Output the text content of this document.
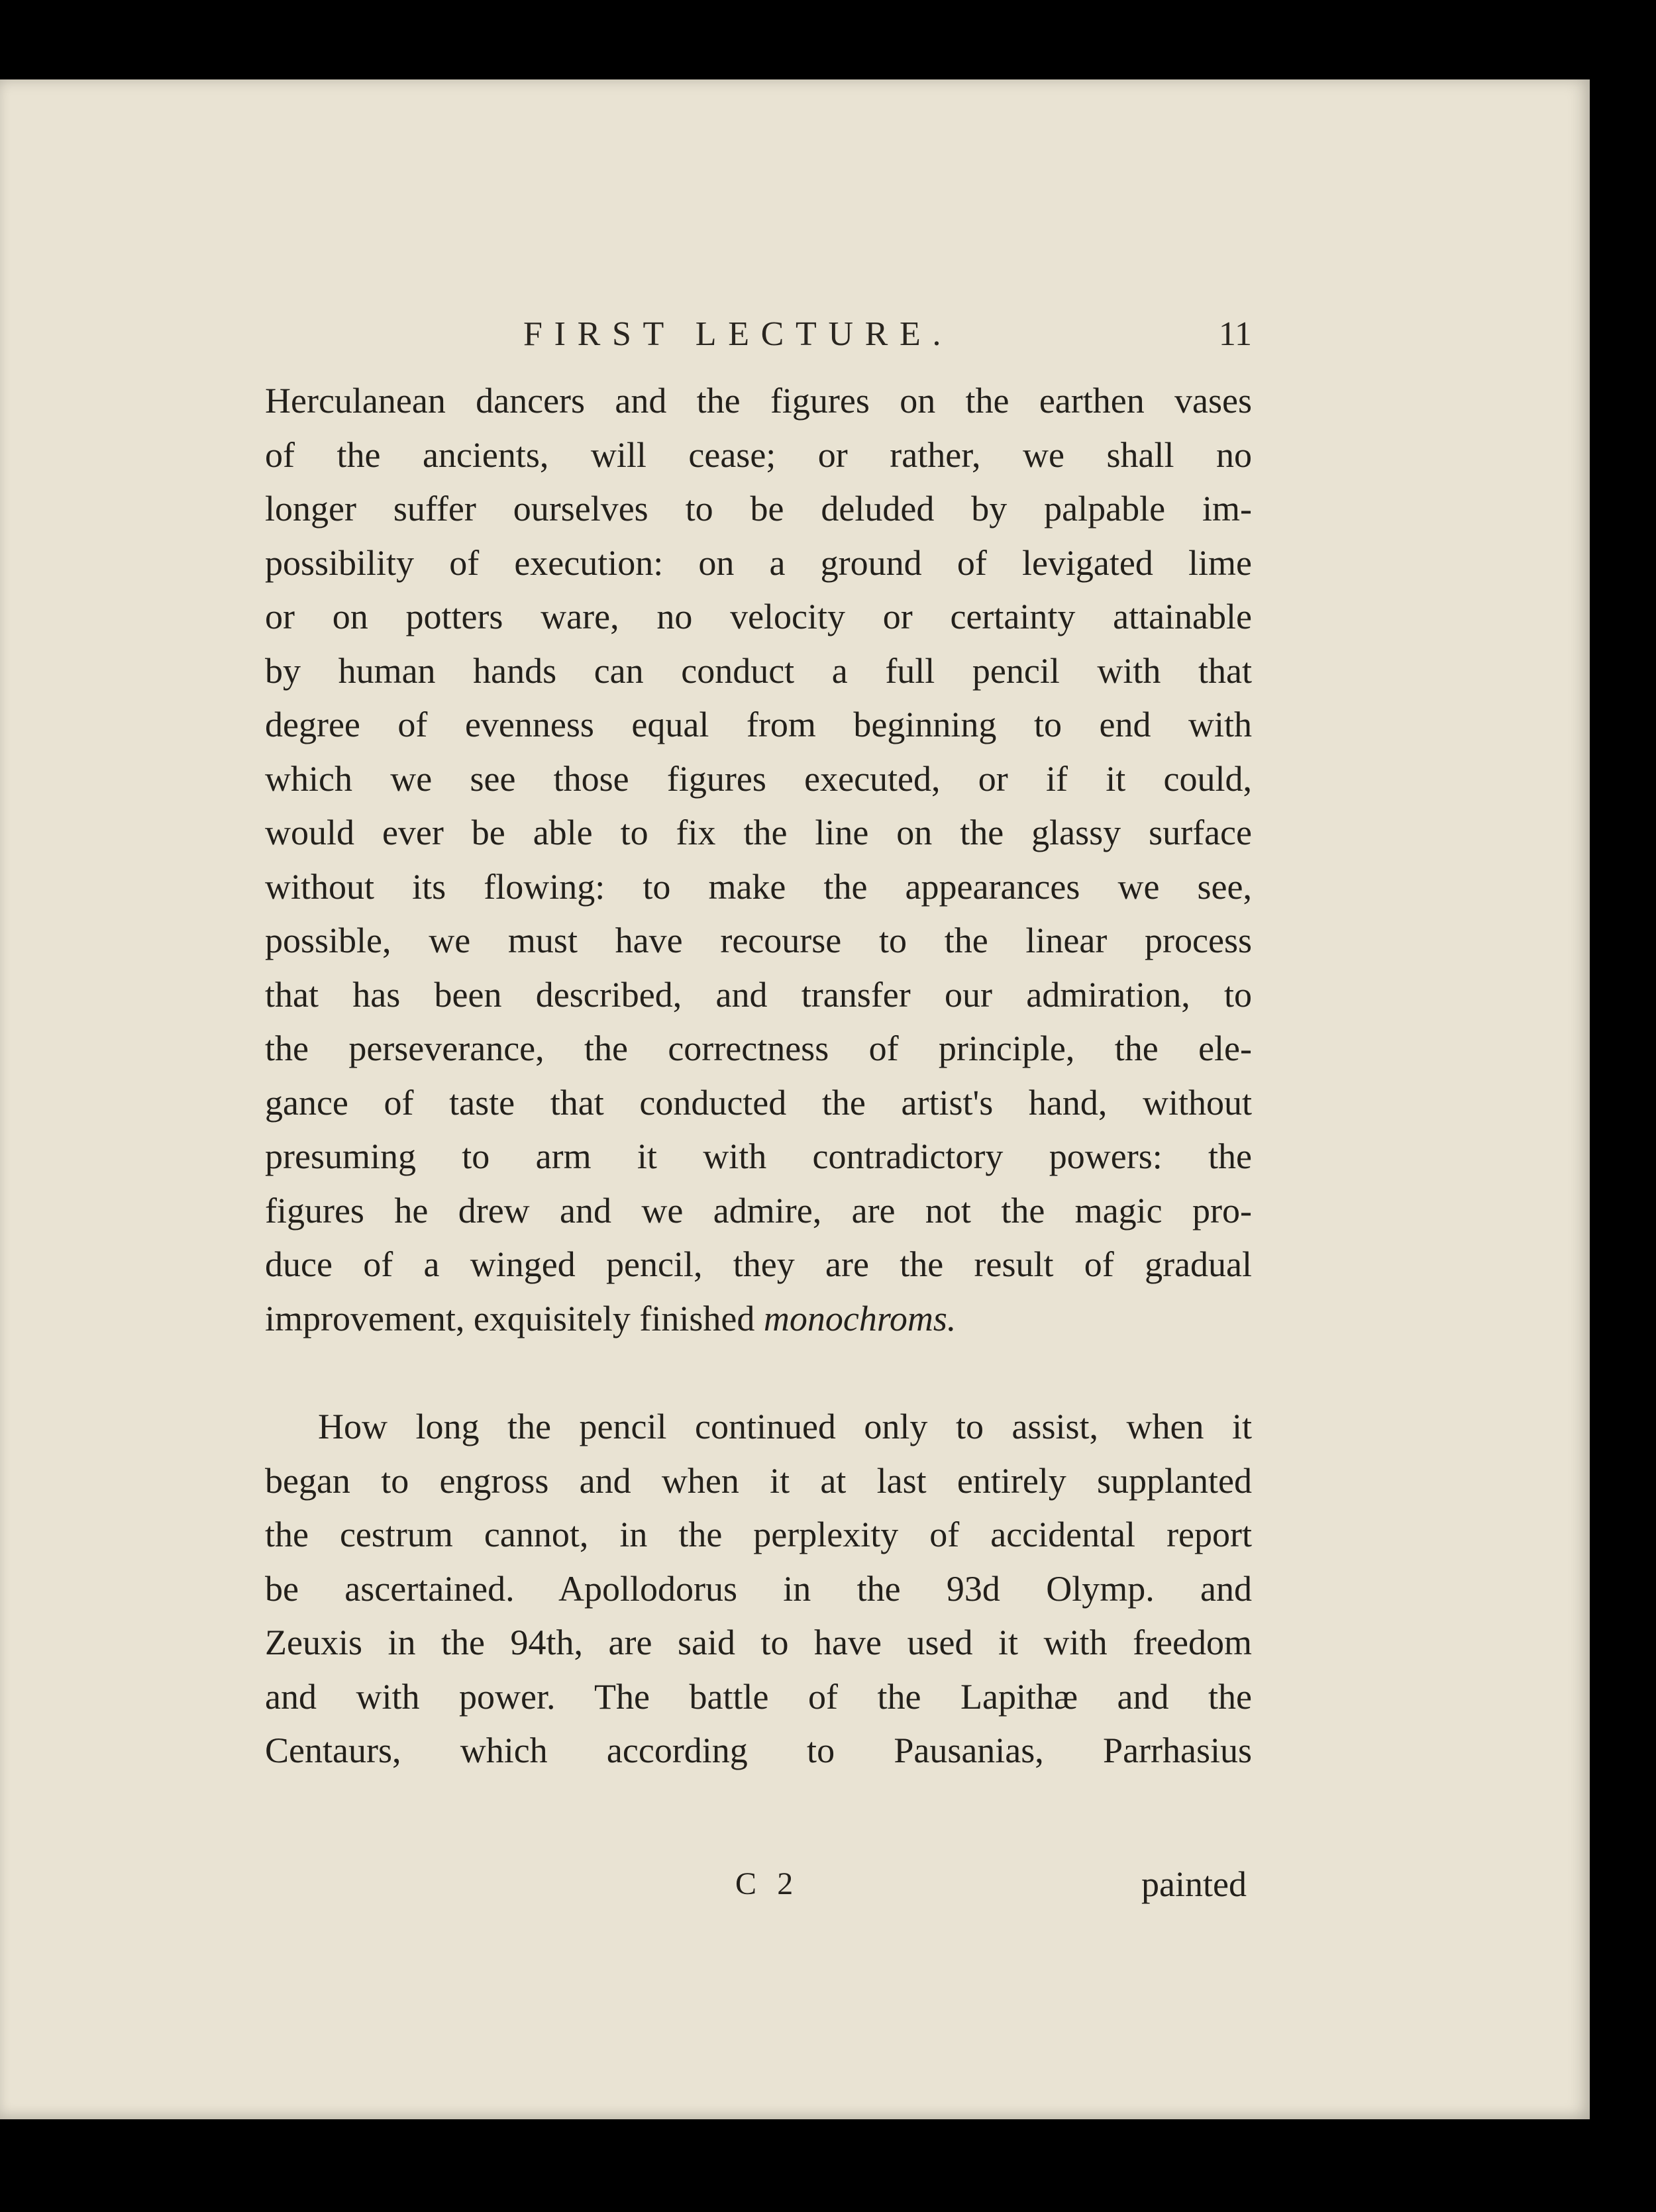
FIRST LECTURE.	11
Herculanean dancers and the figures on the earthen vases
of the ancients, will cease; or rather, we shall no
longer suffer ourselves to be deluded by palpable im-
possibility of execution: on a ground of levigated lime
or on potters ware, no velocity or certainty attainable
by human hands can conduct a full pencil with that
degree of evenness equal from beginning to end with
which we see those figures executed, or if it could,
would ever be able to fix the line on the glassy surface
without its flowing: to make the appearances we see,
possible, we must have recourse to the linear process
that has been described, and transfer our admiration, to
the perseverance, the correctness of principle, the ele-
gance of taste that conducted the artist's hand, without
presuming to arm it with contradictory powers: the
figures he drew and we admire, are not the magic pro-
duce of a winged pencil, they are the result of gradual
improvement, exquisitely finished monochroms.
How long the pencil continued only to assist, when it
began to engross and when it at last entirely supplanted
the cestrum cannot, in the perplexity of accidental report
be ascertained. Apollodorus in the 93d Olymp. and
Zeuxis in the 94th, are said to have used it with freedom
and with power. The battle of the Lapithæ and the
Centaurs, which according to Pausanias, Parrhasius
C 2	painted
